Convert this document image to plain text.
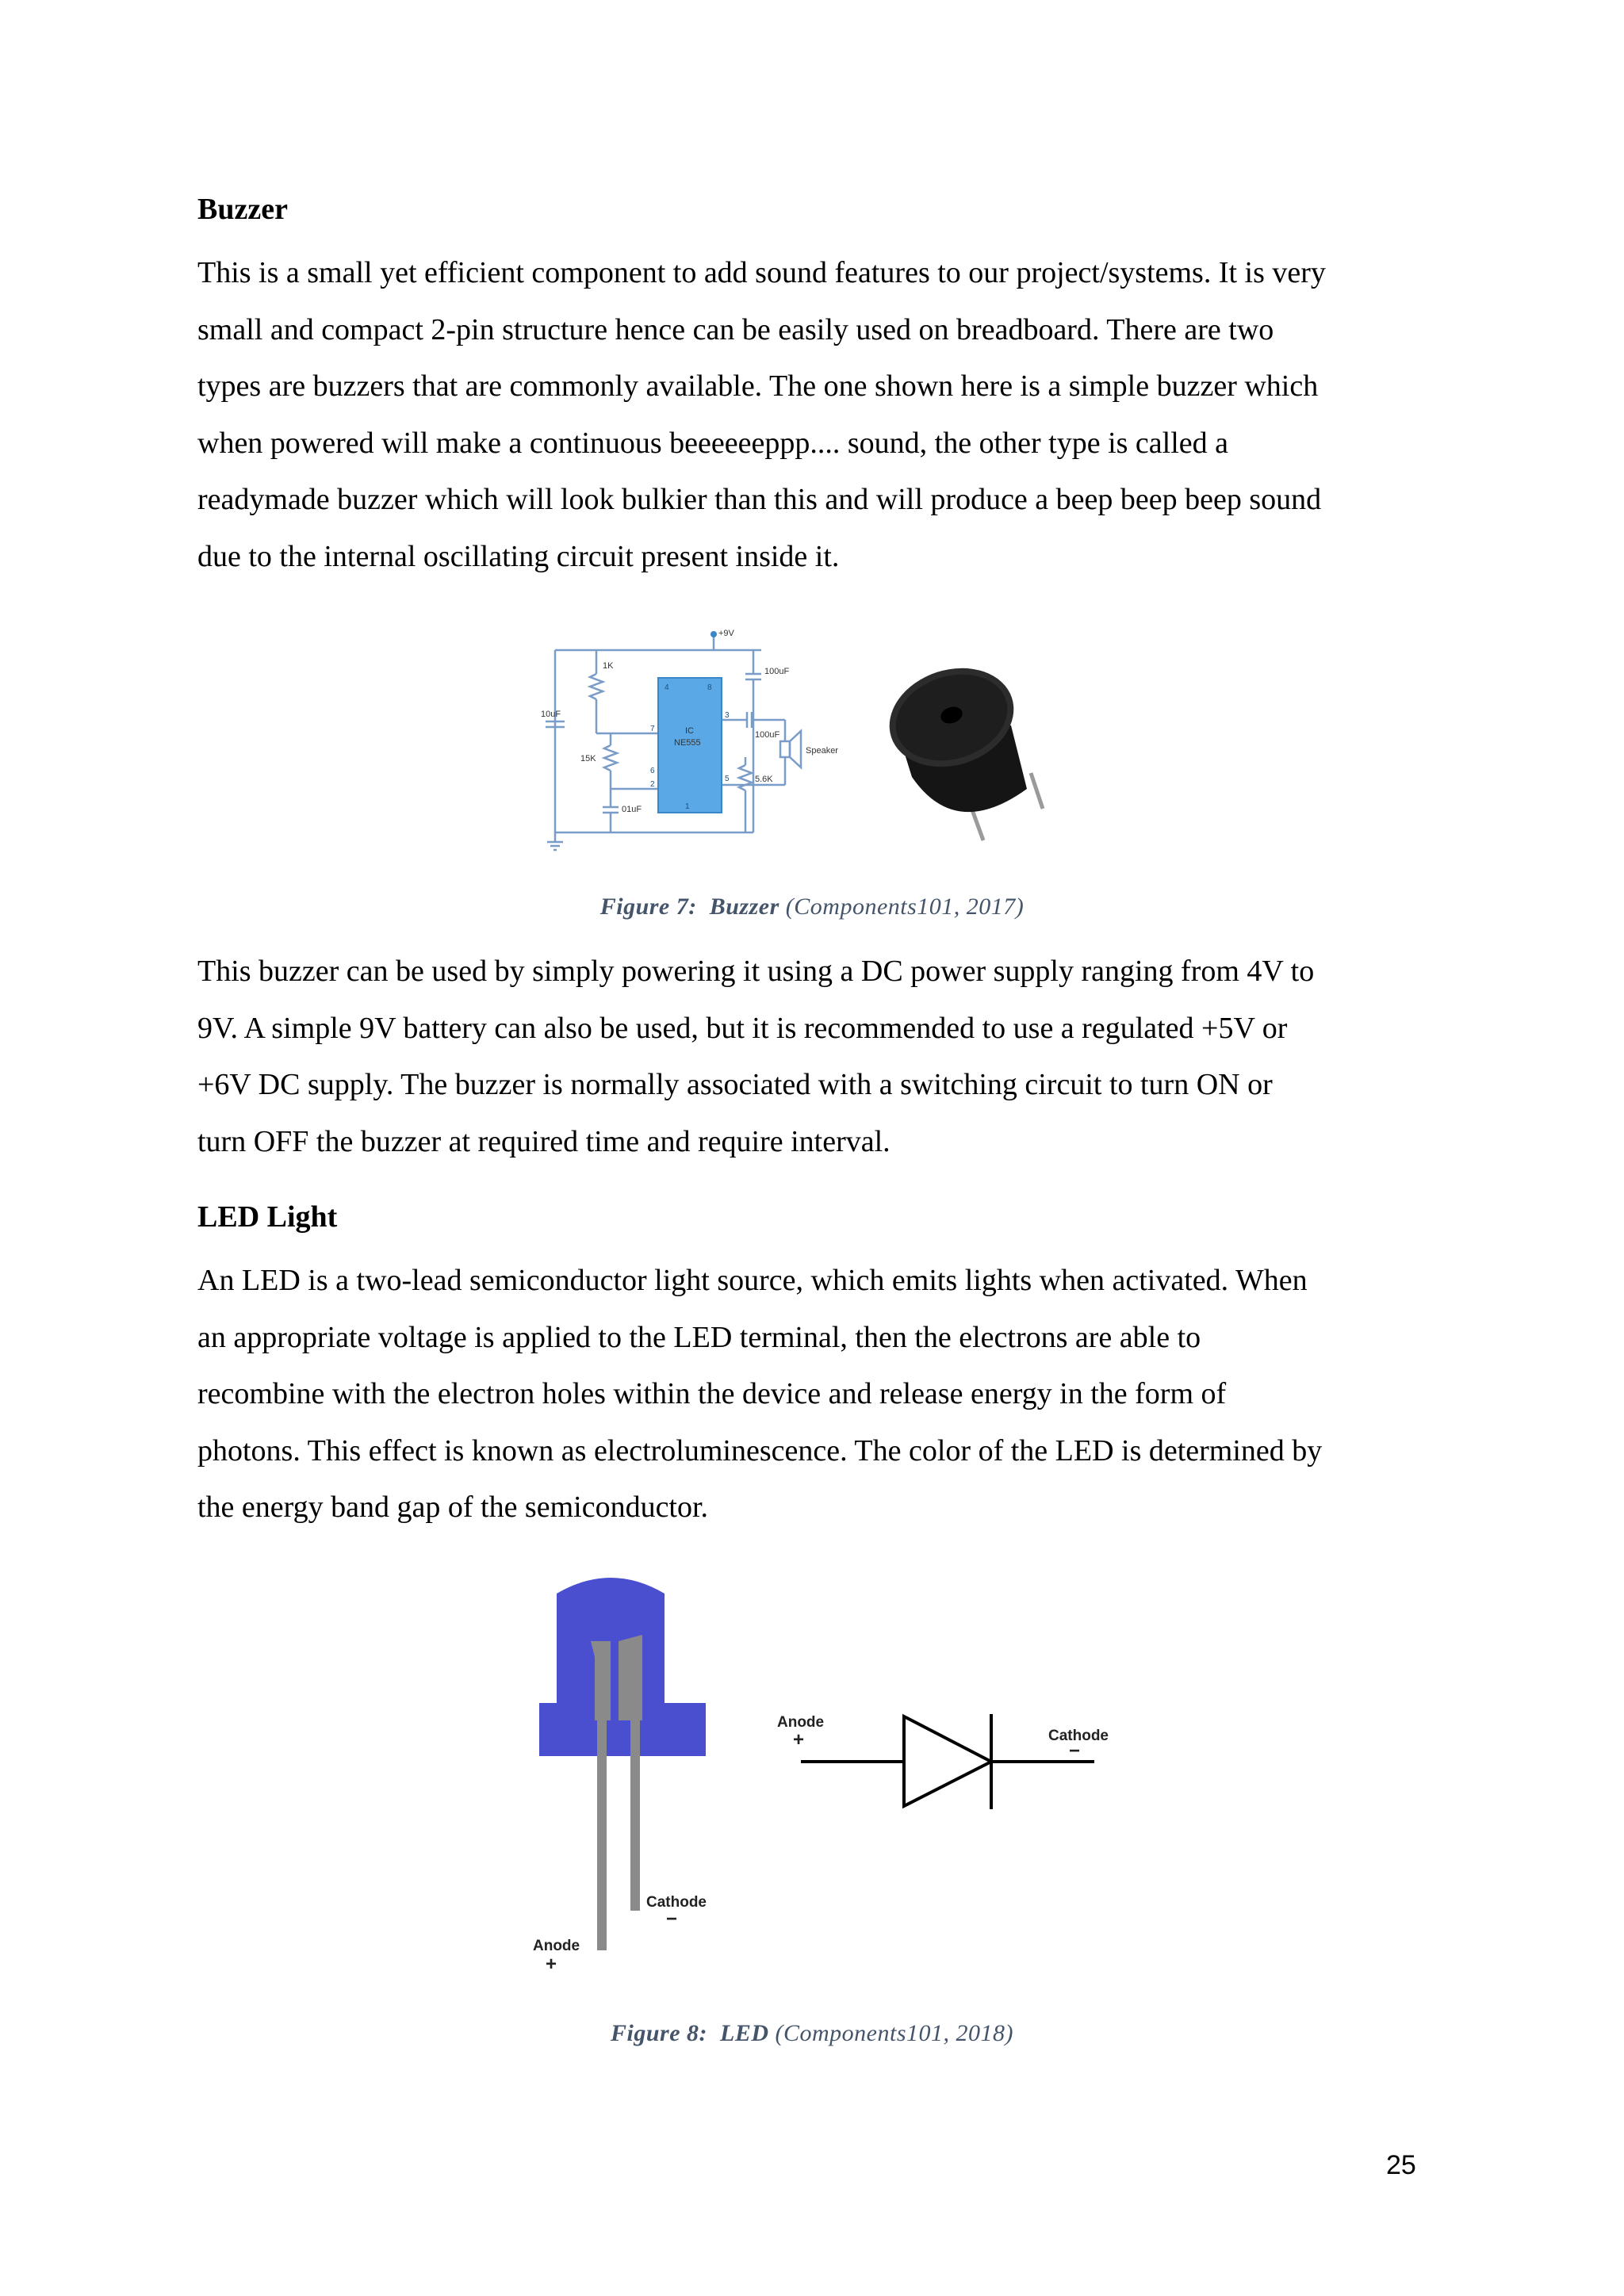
Buzzer

This is a small yet efficient component to add sound features to our project/systems. It is very
small and compact 2-pin structure hence can be easily used on breadboard. There are two
types are buzzers that are commonly available. The one shown here is a simple buzzer which
when powered will make a continuous beeeeeeppp.... sound, the other type is called a
readymade buzzer which will look bulkier than this and will produce a beep beep beep sound
due to the internal oscillating circuit present inside it.

+9V
1K
100uF
10uF
IC
NE555
100uF
15K
5.6K
01uF
Speaker
4	8
7
3
6
2
5
1

Figure 7: Buzzer (Components101, 2017)

This buzzer can be used by simply powering it using a DC power supply ranging from 4V to
9V. A simple 9V battery can also be used, but it is recommended to use a regulated +5V or
+6V DC supply. The buzzer is normally associated with a switching circuit to turn ON or
turn OFF the buzzer at required time and require interval.

LED Light

An LED is a two-lead semiconductor light source, which emits lights when activated. When
an appropriate voltage is applied to the LED terminal, then the electrons are able to
recombine with the electron holes within the device and release energy in the form of
photons. This effect is known as electroluminescence. The color of the LED is determined by
the energy band gap of the semiconductor.

Anode
+
Cathode
−
Anode
+	Cathode
−

Figure 8: LED (Components101, 2018)

25
